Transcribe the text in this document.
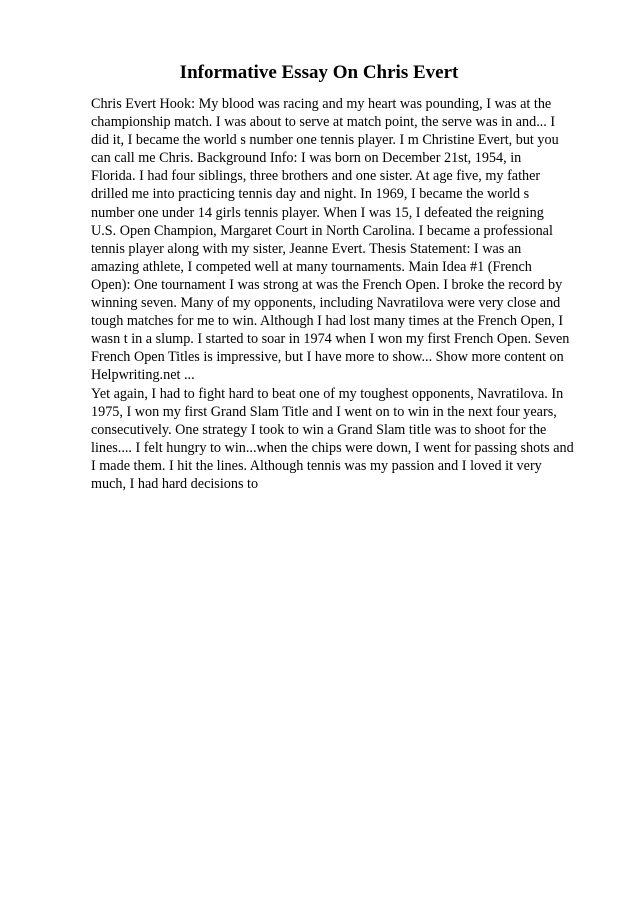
Informative Essay On Chris Evert
Chris Evert Hook: My blood was racing and my heart was pounding, I was at the
championship match. I was about to serve at match point, the serve was in and... I
did it, I became the world s number one tennis player. I m Christine Evert, but you
can call me Chris. Background Info: I was born on December 21st, 1954, in
Florida. I had four siblings, three brothers and one sister. At age five, my father
drilled me into practicing tennis day and night. In 1969, I became the world s
number one under 14 girls tennis player. When I was 15, I defeated the reigning
U.S. Open Champion, Margaret Court in North Carolina. I became a professional
tennis player along with my sister, Jeanne Evert. Thesis Statement: I was an
amazing athlete, I competed well at many tournaments. Main Idea #1 (French
Open): One tournament I was strong at was the French Open. I broke the record by
winning seven. Many of my opponents, including Navratilova were very close and
tough matches for me to win. Although I had lost many times at the French Open, I
wasn t in a slump. I started to soar in 1974 when I won my first French Open. Seven
French Open Titles is impressive, but I have more to show... Show more content on
Helpwriting.net ...
Yet again, I had to fight hard to beat one of my toughest opponents, Navratilova. In
1975, I won my first Grand Slam Title and I went on to win in the next four years,
consecutively. One strategy I took to win a Grand Slam title was to shoot for the
lines.... I felt hungry to win...when the chips were down, I went for passing shots and
I made them. I hit the lines. Although tennis was my passion and I loved it very
much, I had hard decisions to
